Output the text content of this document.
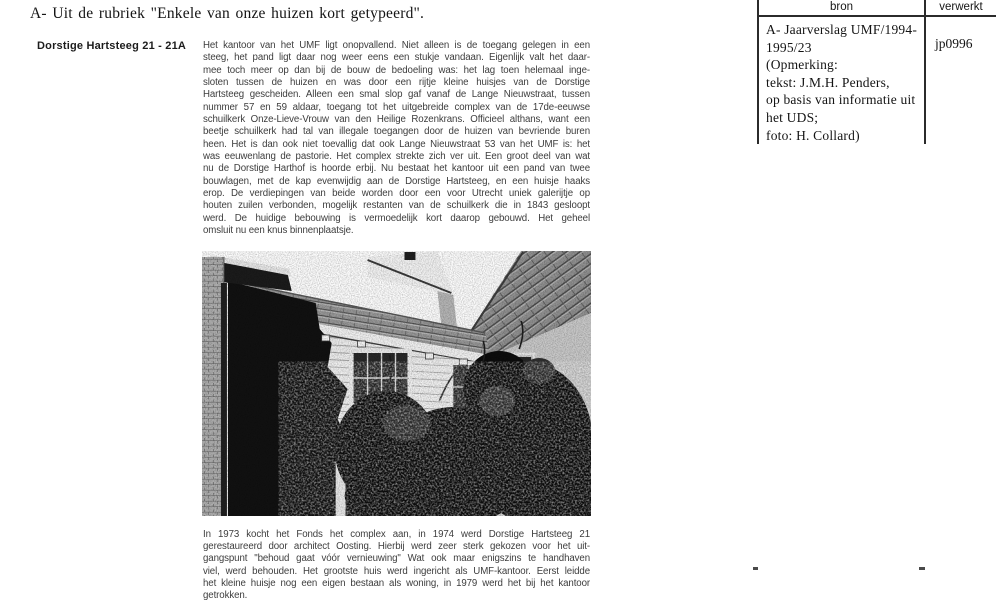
A- Uit de rubriek "Enkele van onze huizen kort getypeerd".
Dorstige Hartsteeg 21 - 21A Het kantoor van het UMF ligt onopvallend. Niet alleen is de toegang gelegen in een
steeg, het pand ligt daar nog weer eens een stukje vandaan. Eigenlijk valt het daar-
mee toch meer op dan bij de bouw de bedoeling was: het lag toen helemaal inge-
sloten tussen de huizen en was door een rijtje kleine huisjes van de Dorstige
Hartsteeg gescheiden. Alleen een smal slop gaf vanaf de Lange Nieuwstraat, tussen
nummer 57 en 59 aldaar, toegang tot het uitgebreide complex van de 17de-eeuwse
schuilkerk Onze-Lieve-Vrouw van den Heilige Rozenkrans. Officieel althans, want een
beetje schuilkerk had tal van illegale toegangen door de huizen van bevriende buren
heen. Het is dan ook niet toevallig dat ook Lange Nieuwstraat 53 van het UMF is: het
was eeuwenlang de pastorie. Het complex strekte zich ver uit. Een groot deel van wat
nu de Dorstige Harthof is hoorde erbij. Nu bestaat het kantoor uit een pand van twee
bouwlagen, met de kap evenwijdig aan de Dorstige Hartsteeg, en een huisje haaks
erop. De verdiepingen van beide worden door een voor Utrecht uniek galerijtje op
houten zuilen verbonden, mogelijk restanten van de schuilkerk die in 1843 gesloopt
werd. De huidige bebouwing is vermoedelijk kort daarop gebouwd. Het geheel
omsluit nu een knus binnenplaatsje.
In 1973 kocht het Fonds het complex aan, in 1974 werd Dorstige Hartsteeg 21
gerestaureerd door architect Oosting. Hierbij werd zeer sterk gekozen voor het uit-
gangspunt "behoud gaat vóór vernieuwing" Wat ook maar enigszins te handhaven
viel, werd behouden. Het grootste huis werd ingericht als UMF-kantoor. Eerst leidde
het kleine huisje nog een eigen bestaan als woning, in 1979 werd het bij het kantoor
getrokken.
bron	verwerkt
A- Jaarverslag UMF/1994-
1995/23
(Opmerking:
tekst: J.M.H. Penders,
op basis van informatie uit
het UDS;
foto: H. Collard)
jp0996
